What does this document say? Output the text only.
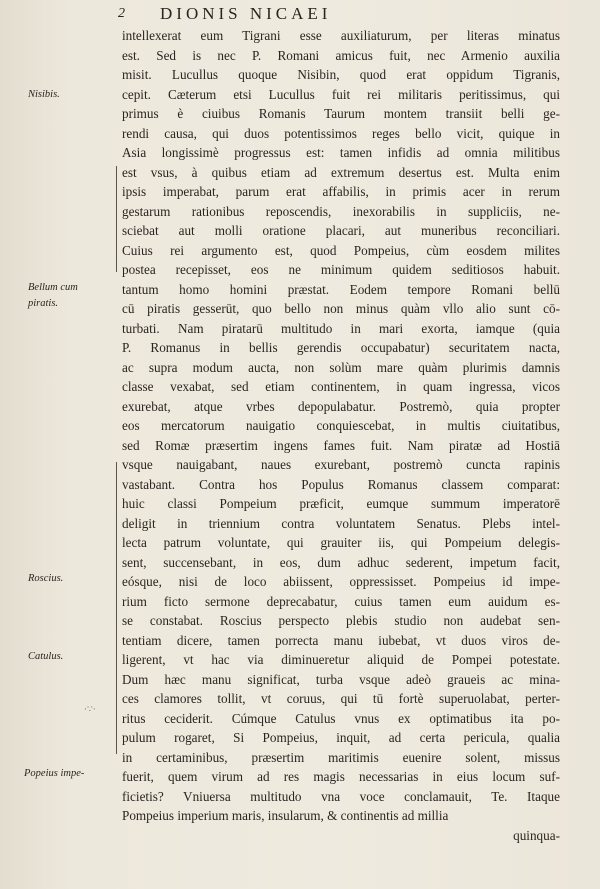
2 DIONIS NICAEI
·∵·
Nisibis.
Bellum cum
piratis.
Roscius.
Catulus.
Popeius impe-
intellexerat eum Tigrani esse auxiliaturum, per literas minatus
est. Sed is nec P. Romani amicus fuit, nec Armenio auxilia
misit. Lucullus quoque Nisibin, quod erat oppidum Tigranis,
cepit. Cæterum etsi Lucullus fuit rei militaris peritissimus, qui
primus è ciuibus Romanis Taurum montem transiit belli ge-
rendi causa, qui duos potentissimos reges bello vicit, quique in
Asia longissimè progressus est: tamen infidis ad omnia militibus
est vsus, à quibus etiam ad extremum desertus est. Multa enim
ipsis imperabat, parum erat affabilis, in primis acer in rerum
gestarum rationibus reposcendis, inexorabilis in suppliciis, ne-
sciebat aut molli oratione placari, aut muneribus reconciliari.
Cuius rei argumento est, quod Pompeius, cùm eosdem milites
postea recepisset, eos ne minimum quidem seditiosos habuit.
tantum homo homini præstat. Eodem tempore Romani bellū
cū piratis gesserūt, quo bello non minus quàm vllo alio sunt cō-
turbati. Nam piratarū multitudo in mari exorta, iamque (quia
P. Romanus in bellis gerendis occupabatur) securitatem nacta,
ac supra modum aucta, non solùm mare quàm plurimis damnis
classe vexabat, sed etiam continentem, in quam ingressa, vicos
exurebat, atque vrbes depopulabatur. Postremò, quia propter
eos mercatorum nauigatio conquiescebat, in multis ciuitatibus,
sed Romæ præsertim ingens fames fuit. Nam piratæ ad Hostiā
vsque nauigabant, naues exurebant, postremò cuncta rapinis
vastabant. Contra hos Populus Romanus classem comparat:
huic classi Pompeium præficit, eumque summum imperatorē
deligit in triennium contra voluntatem Senatus. Plebs intel-
lecta patrum voluntate, qui grauiter iis, qui Pompeium delegis-
sent, succensebant, in eos, dum adhuc sederent, impetum facit,
eósque, nisi de loco abiissent, oppressisset. Pompeius id impe-
rium ficto sermone deprecabatur, cuius tamen eum auidum es-
se constabat. Roscius perspecto plebis studio non audebat sen-
tentiam dicere, tamen porrecta manu iubebat, vt duos viros de-
ligerent, vt hac via diminueretur aliquid de Pompei potestate.
Dum hæc manu significat, turba vsque adeò graueis ac mina-
ces clamores tollit, vt coruus, qui tū fortè superuolabat, perter-
ritus ceciderit. Cúmque Catulus vnus ex optimatibus ita po-
pulum rogaret, Si Pompeius, inquit, ad certa pericula, qualia
in certaminibus, præsertim maritimis euenire solent, missus
fuerit, quem virum ad res magis necessarias in eius locum suf-
ficietis? Vniuersa multitudo vna voce conclamauit, Te. Itaque
Pompeius imperium maris, insularum, & continentis ad millia
quinqua-
